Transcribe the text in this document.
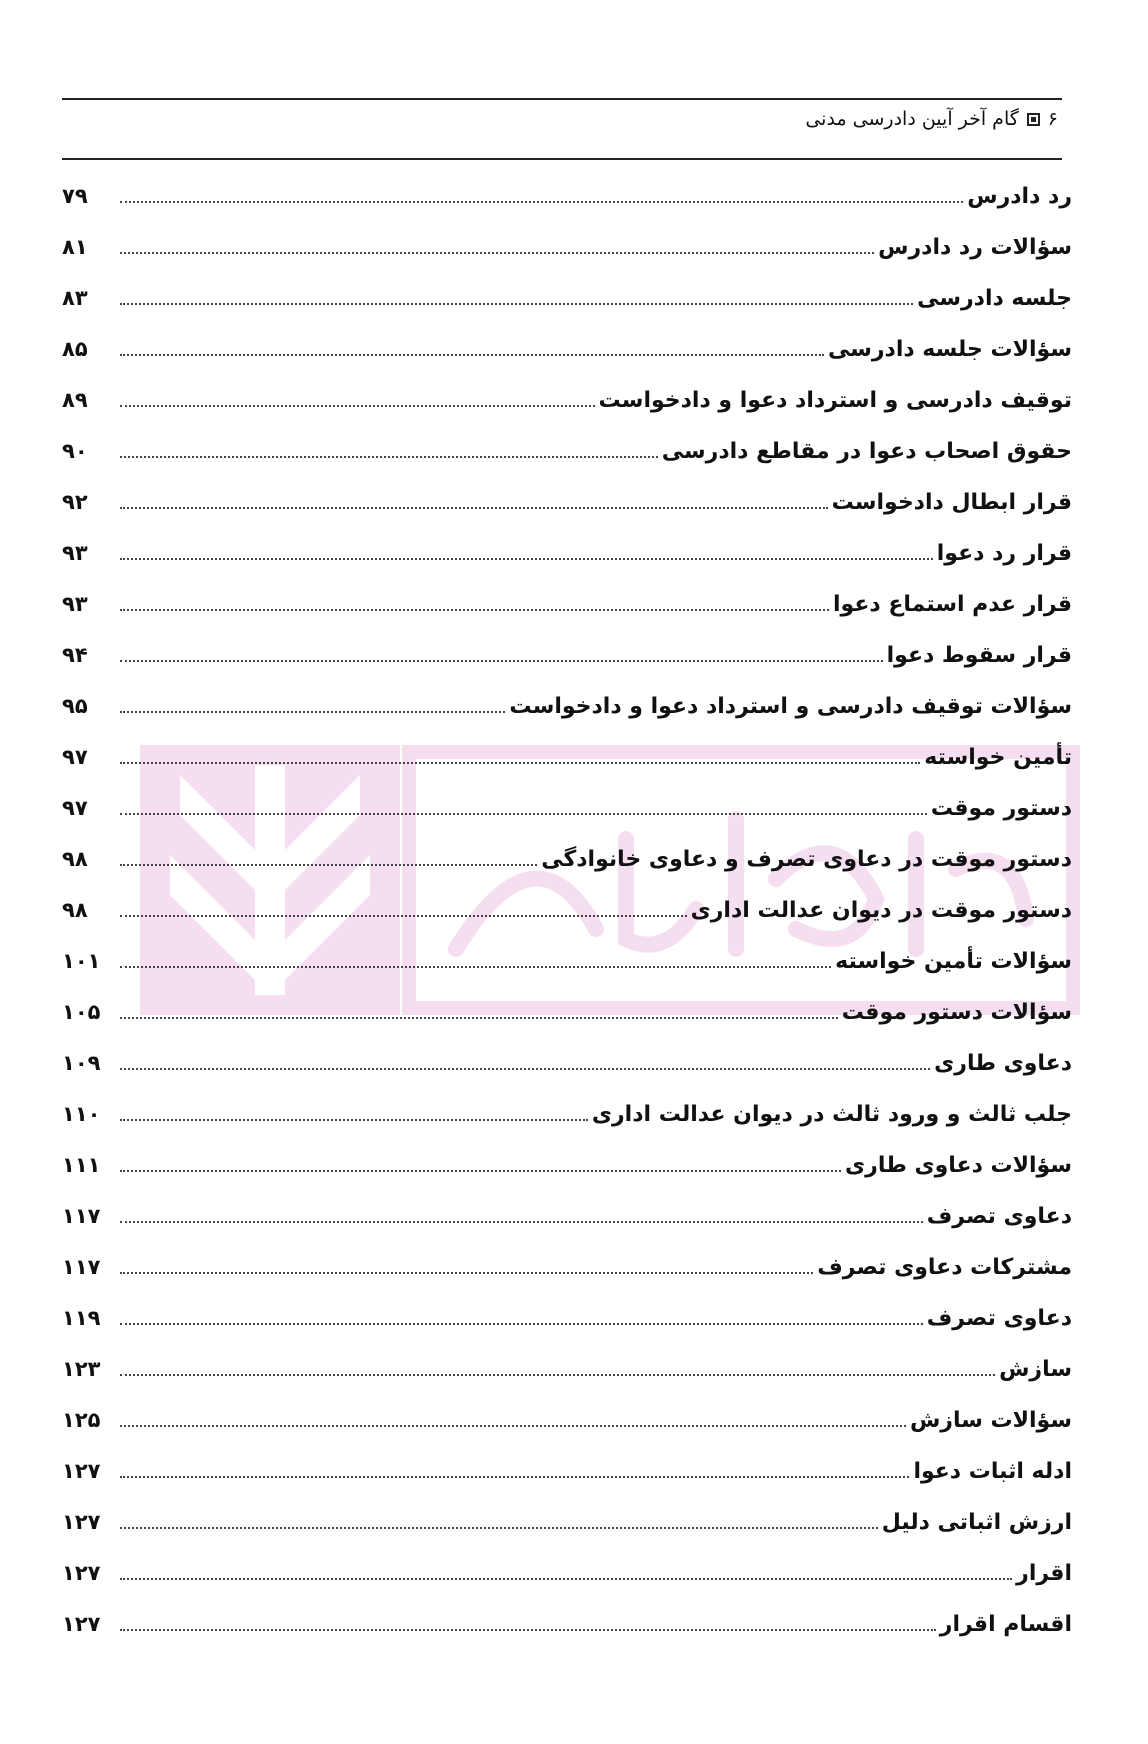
۶
گام آخر آیین دادرسی مدنی
رد دادرس
۷۹
سؤالات رد دادرس
۸۱
جلسه دادرسی
۸۳
سؤالات جلسه دادرسی
۸۵
توقیف دادرسی و استرداد دعوا و دادخواست
۸۹
حقوق اصحاب دعوا در مقاطع دادرسی
۹۰
قرار ابطال دادخواست
۹۲
قرار رد دعوا
۹۳
قرار عدم استماع دعوا
۹۳
قرار سقوط دعوا
۹۴
سؤالات توقیف دادرسی و استرداد دعوا و دادخواست
۹۵
تأمین خواسته
۹۷
دستور موقت
۹۷
دستور موقت در دعاوی تصرف و دعاوی خانوادگی
۹۸
دستور موقت در دیوان عدالت اداری
۹۸
سؤالات تأمین خواسته
۱۰۱
سؤالات دستور موقت
۱۰۵
دعاوی طاری
۱۰۹
جلب ثالث و ورود ثالث در دیوان عدالت اداری
۱۱۰
سؤالات دعاوی طاری
۱۱۱
دعاوی تصرف
۱۱۷
مشترکات دعاوی تصرف
۱۱۷
دعاوی تصرف
۱۱۹
سازش
۱۲۳
سؤالات سازش
۱۲۵
ادله اثبات دعوا
۱۲۷
ارزش اثباتی دلیل
۱۲۷
اقرار
۱۲۷
اقسام اقرار
۱۲۷
